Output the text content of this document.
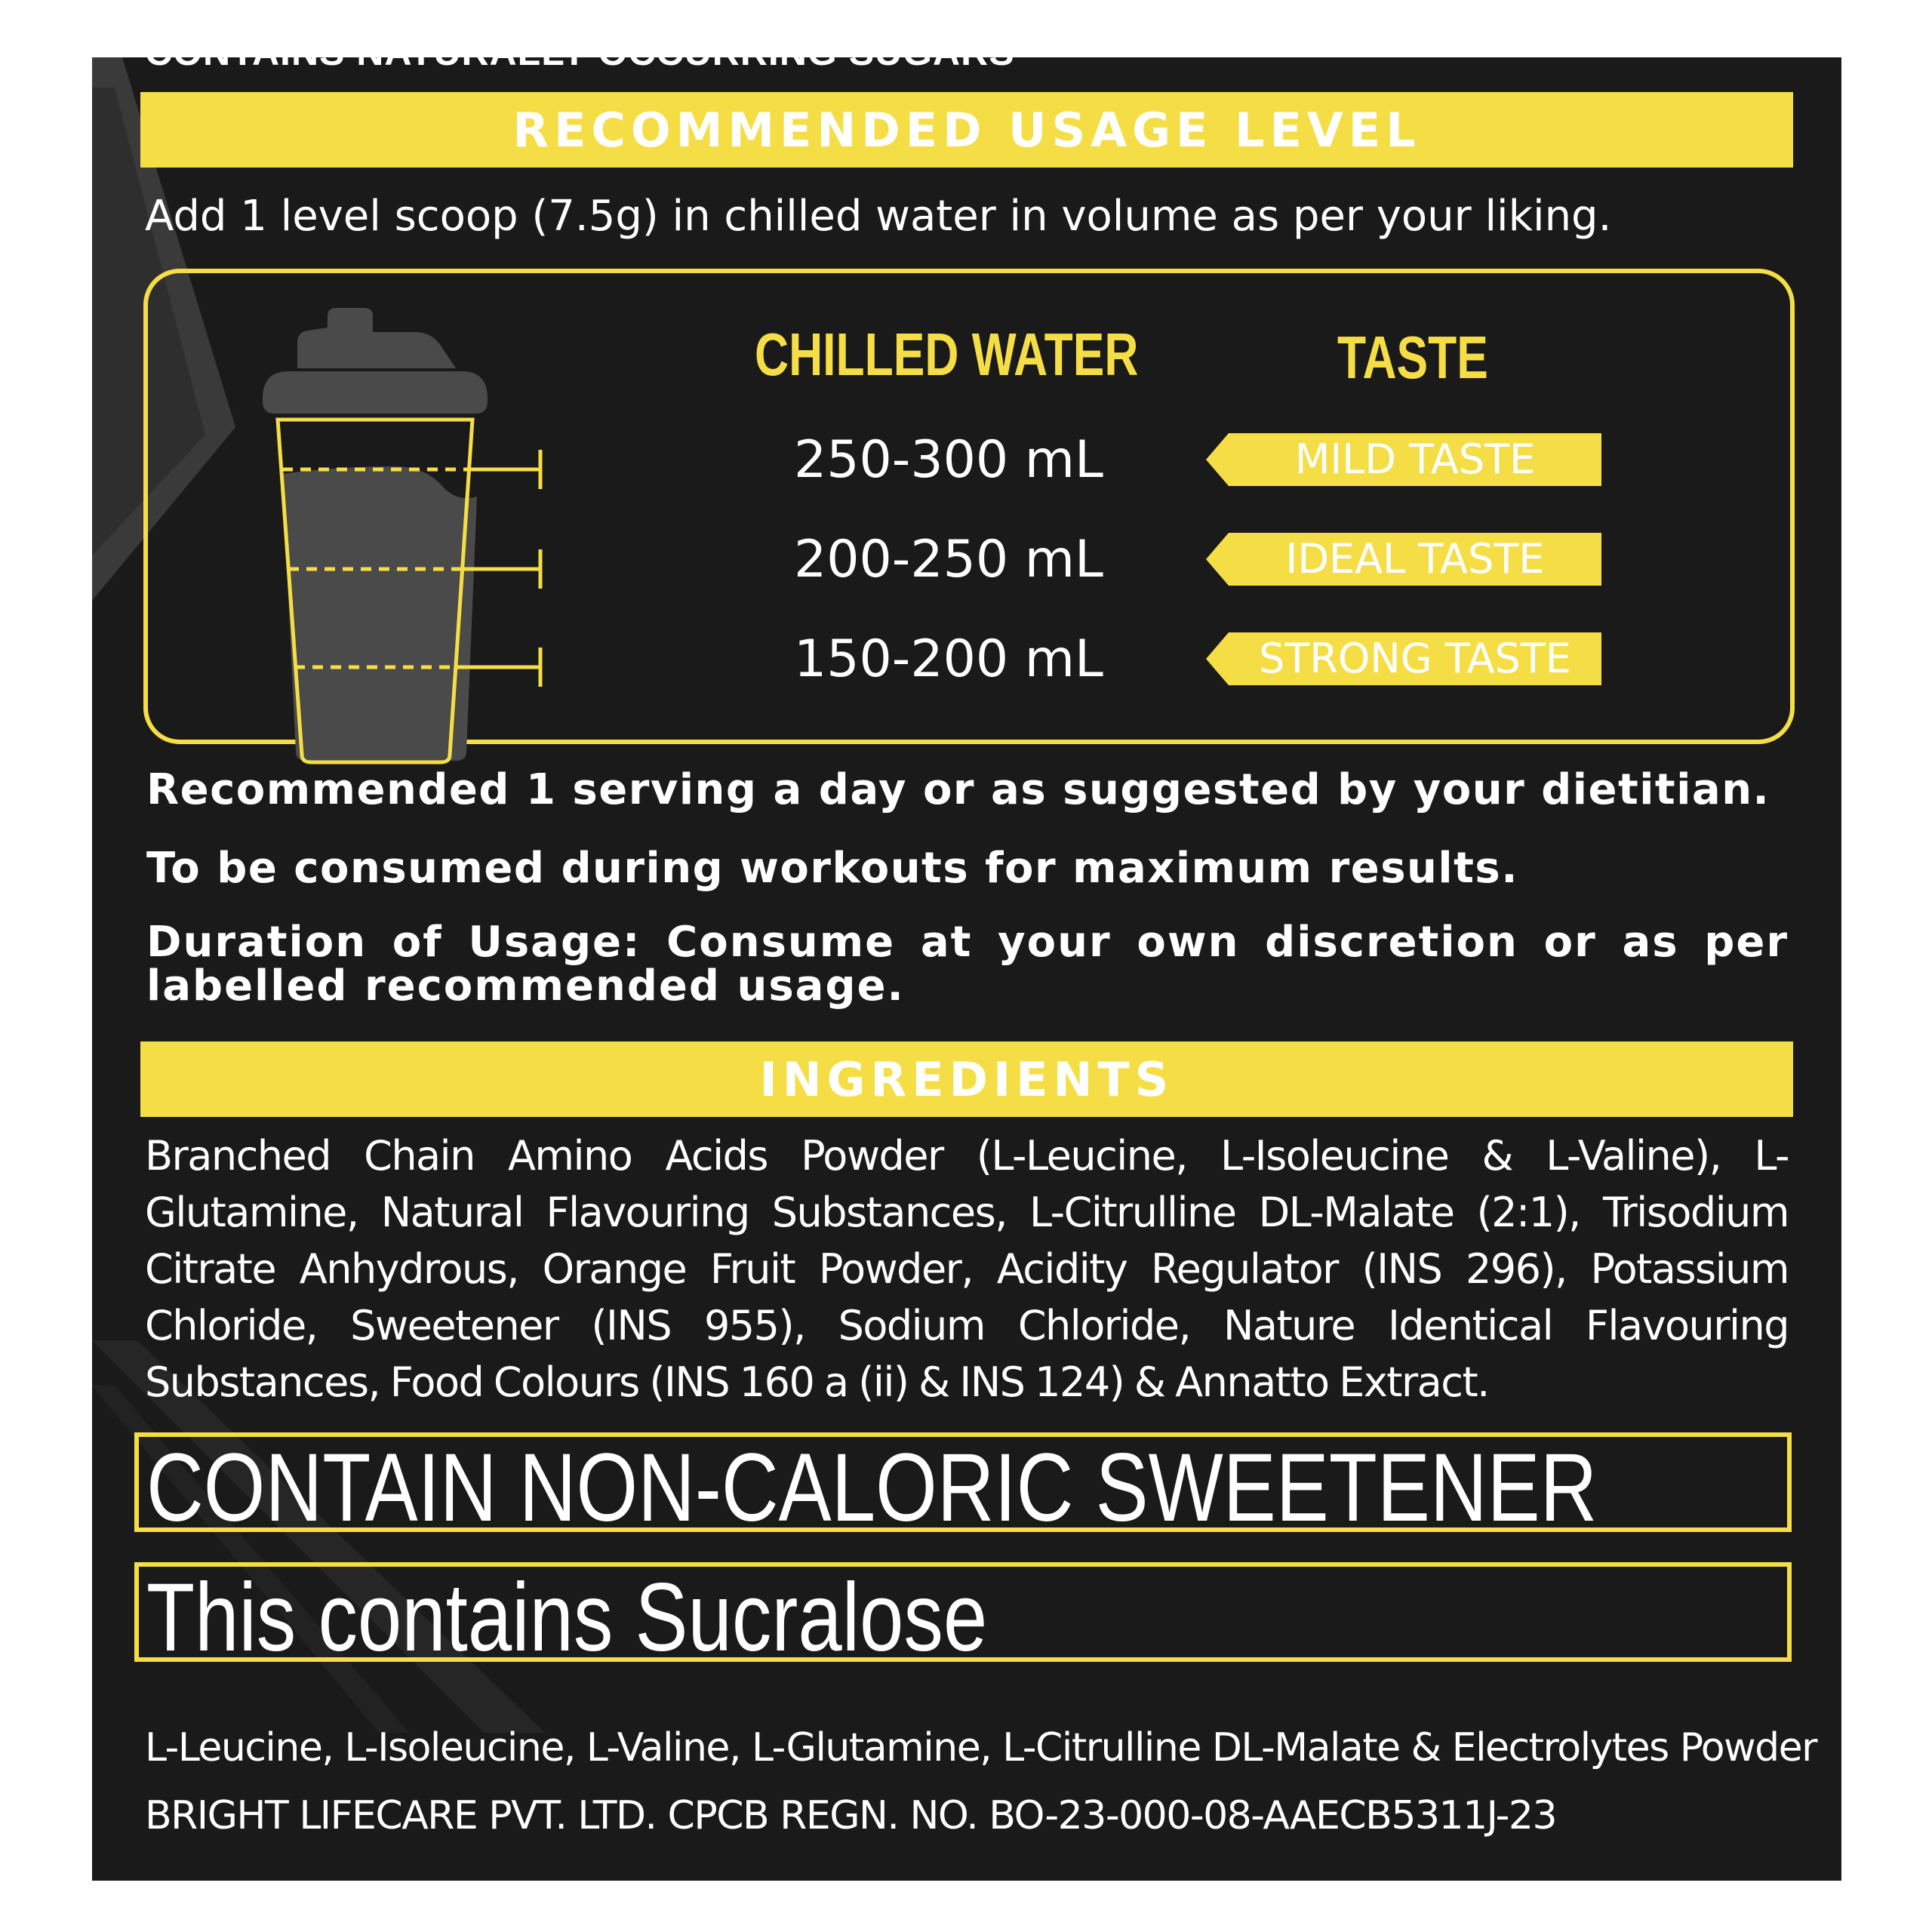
CONTAINS NATURALLY OCCURRING SUGARS
RECOMMENDED USAGE LEVEL
Add 1 level scoop (7.5g) in chilled water in volume as per your liking.
CHILLED WATER	TASTE
250-300 mL
200-250 mL
150-200 mL
MILD TASTE
IDEAL TASTE
STRONG TASTE
Recommended 1 serving a day or as suggested by your dietitian.
To be consumed during workouts for maximum results.
Duration of Usage: Consume at your own discretion or as per labelled recommended usage.
INGREDIENTS
Branched Chain Amino Acids Powder (L-Leucine, L-Isoleucine & L-Valine), L- Glutamine, Natural Flavouring Substances, L-Citrulline DL-Malate (2:1), Trisodium Citrate Anhydrous, Orange Fruit Powder, Acidity Regulator (INS 296), Potassium Chloride, Sweetener (INS 955), Sodium Chloride, Nature Identical Flavouring Substances, Food Colours (INS 160 a (ii) & INS 124) & Annatto Extract.
CONTAIN NON-CALORIC SWEETENER
This contains Sucralose
L-Leucine, L-Isoleucine, L-Valine, L-Glutamine, L-Citrulline DL-Malate & Electrolytes Powder
BRIGHT LIFECARE PVT. LTD. CPCB REGN. NO. BO-23-000-08-AAECB5311J-23
